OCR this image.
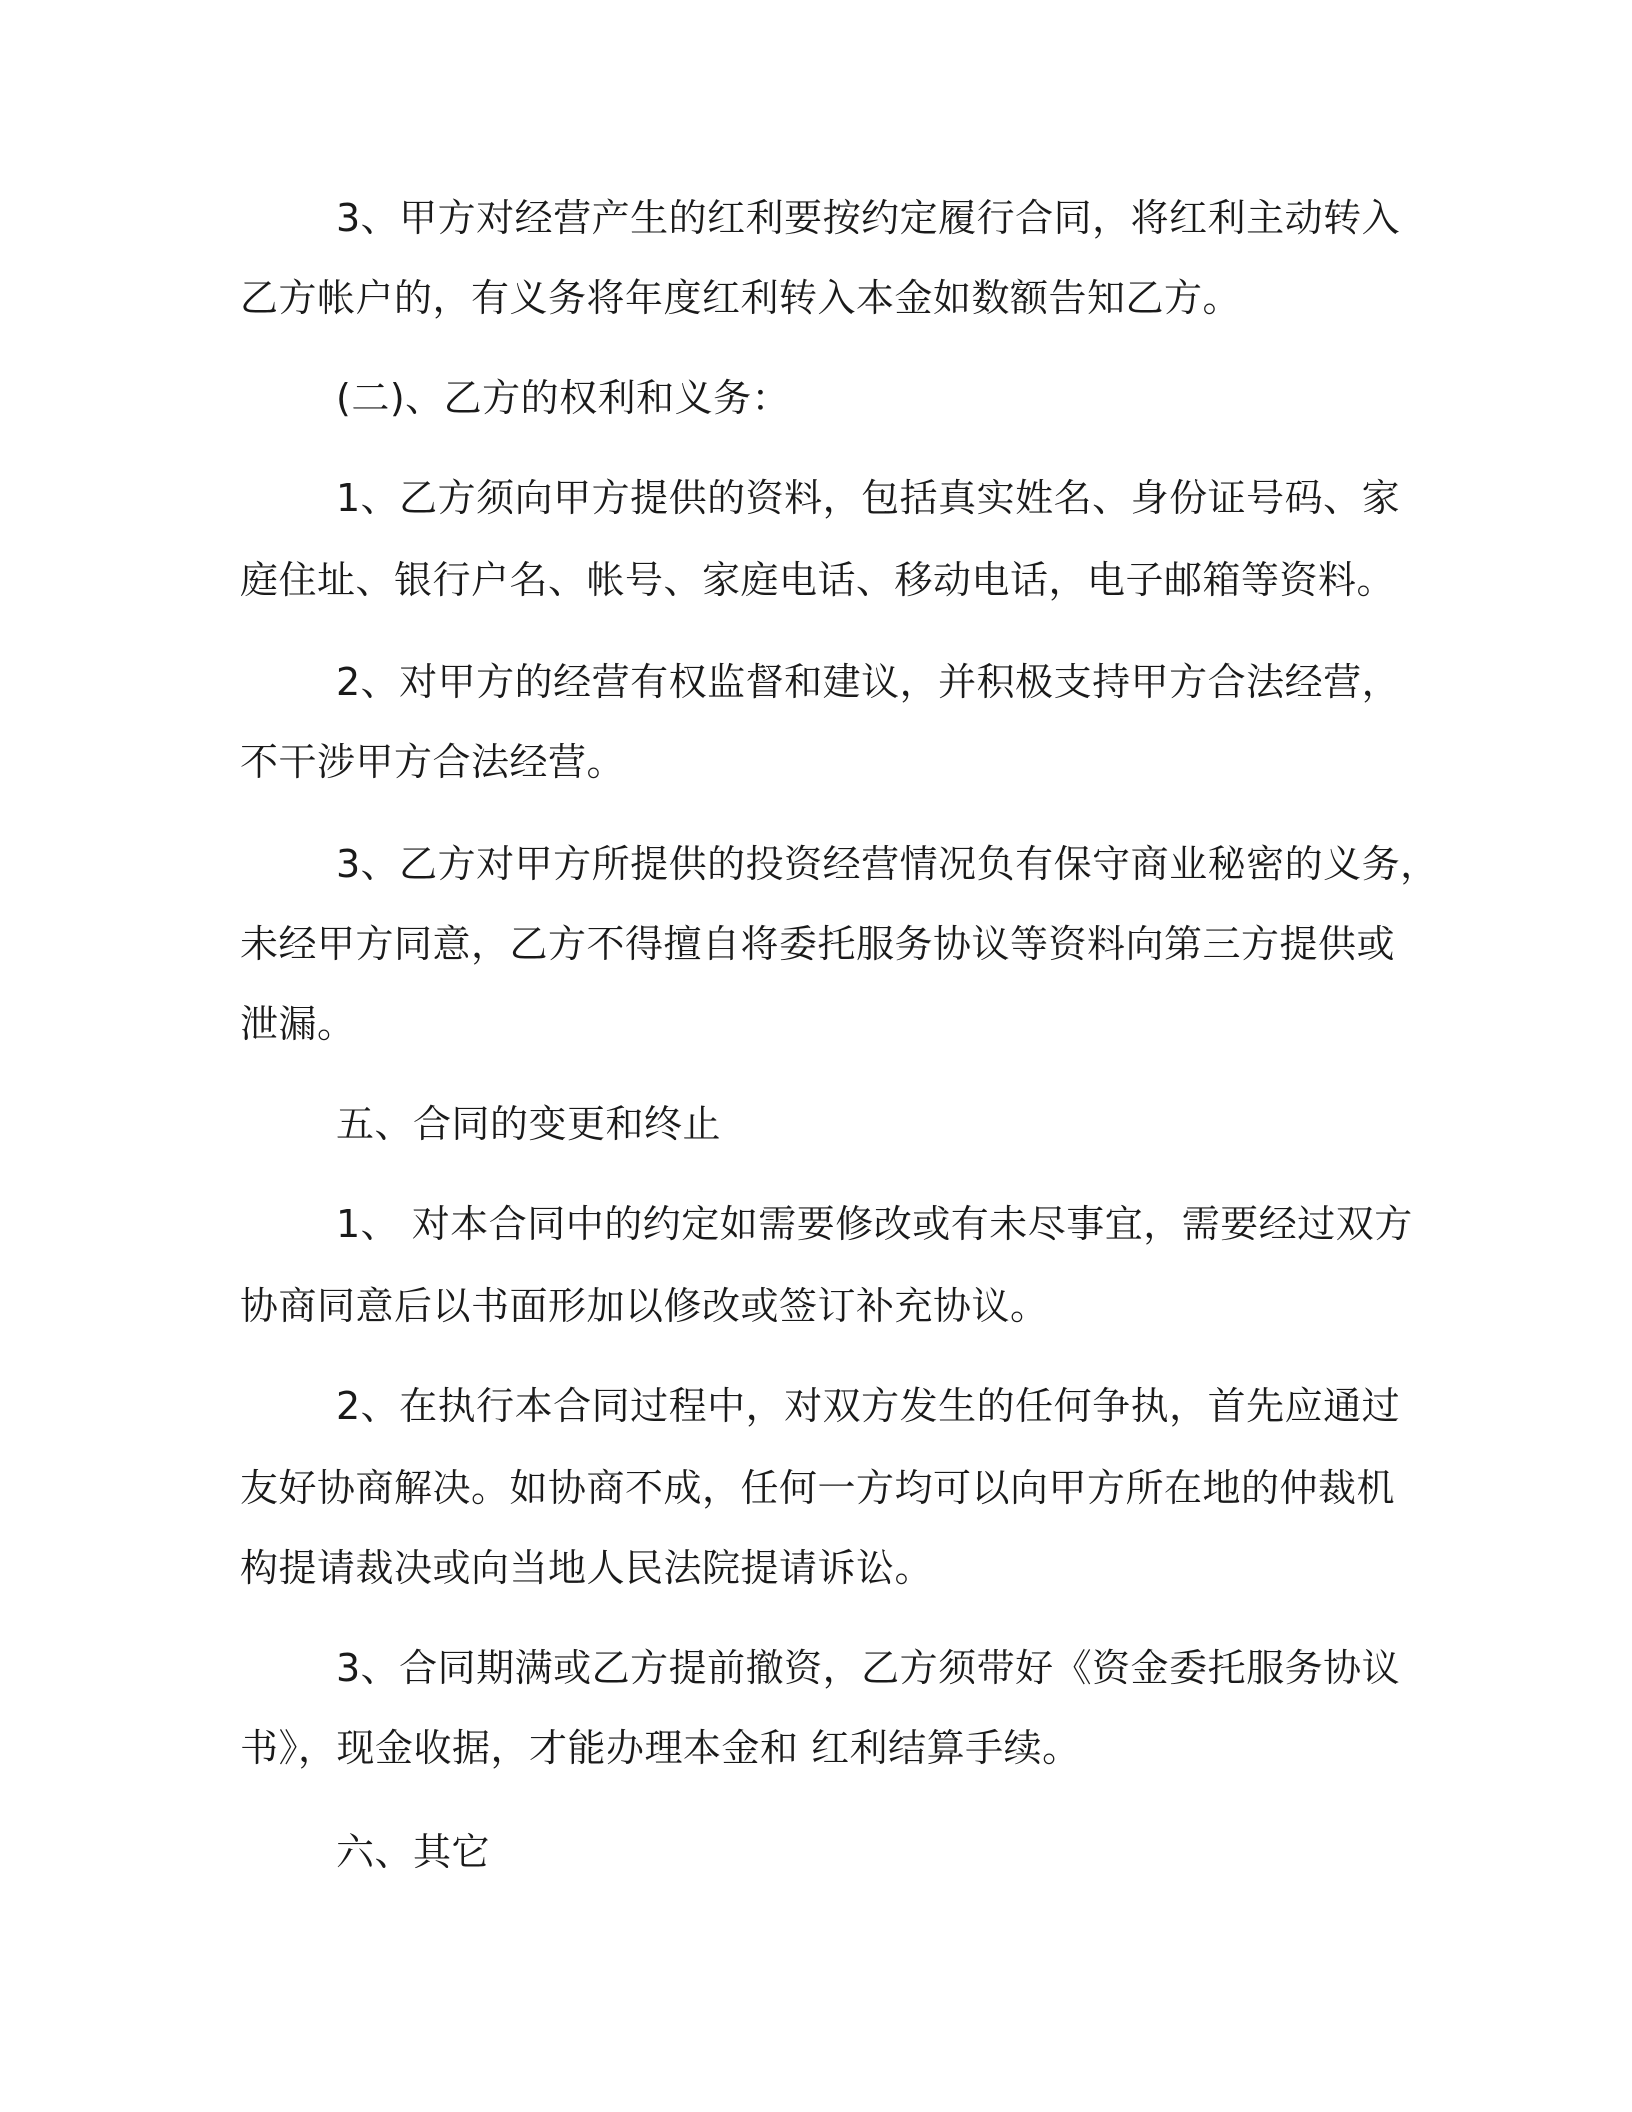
3、甲方对经营产生的红利要按约定履行合同，将红利主动转入
乙方帐户的，有义务将年度红利转入本金如数额告知乙方。
(二)、乙方的权利和义务：
1、乙方须向甲方提供的资料，包括真实姓名、身份证号码、家
庭住址、银行户名、帐号、家庭电话、移动电话，电子邮箱等资料。
2、对甲方的经营有权监督和建议，并积极支持甲方合法经营，
不干涉甲方合法经营。
3、乙方对甲方所提供的投资经营情况负有保守商业秘密的义务，
未经甲方同意，乙方不得擅自将委托服务协议等资料向第三方提供或
泄漏。
五、合同的变更和终止
1、 对本合同中的约定如需要修改或有未尽事宜，需要经过双方
协商同意后以书面形加以修改或签订补充协议。
2、在执行本合同过程中，对双方发生的任何争执，首先应通过
友好协商解决。如协商不成，任何一方均可以向甲方所在地的仲裁机
构提请裁决或向当地人民法院提请诉讼。
3、合同期满或乙方提前撤资，乙方须带好《资金委托服务协议
书》，现金收据，才能办理本金和 红利结算手续。
六、其它
